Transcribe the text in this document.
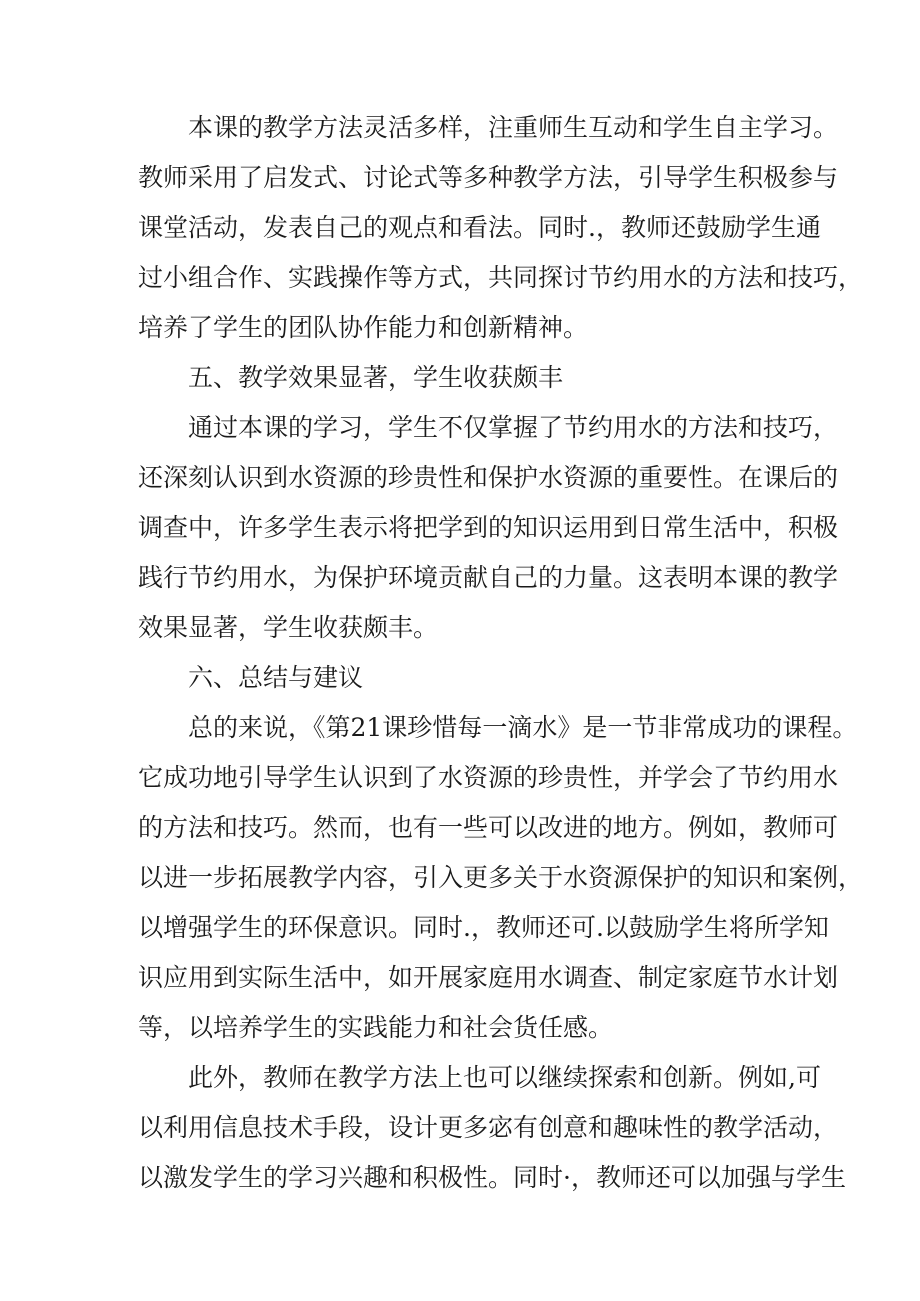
本课的教学方法灵活多样，注重师生互动和学生自主学习。
教师采用了启发式、讨论式等多种教学方法，引导学生积极参与
课堂活动，发表自己的观点和看法。同时.，教师还鼓励学生通
过小组合作、实践操作等方式，共同探讨节约用水的方法和技巧，
培养了学生的团队协作能力和创新精神。
五、教学效果显著，学生收获颇丰
通过本课的学习，学生不仅掌握了节约用水的方法和技巧，
还深刻认识到水资源的珍贵性和保护水资源的重要性。在课后的
调查中，许多学生表示将把学到的知识运用到日常生活中，积极
践行节约用水，为保护环境贡献自己的力量。这表明本课的教学
效果显著，学生收获颇丰。
六、总结与建议
总的来说，《第21课珍惜每一滴水》是一节非常成功的课程。
它成功地引导学生认识到了水资源的珍贵性，并学会了节约用水
的方法和技巧。然而，也有一些可以改进的地方。例如，教师可
以进一步拓展教学内容，引入更多关于水资源保护的知识和案例，
以增强学生的环保意识。同时.，教师还可.以鼓励学生将所学知
识应用到实际生活中，如开展家庭用水调查、制定家庭节水计划
等，以培养学生的实践能力和社会货任感。
此外，教师在教学方法上也可以继续探索和创新。例如,可
以利用信息技术手段，设计更多宓有创意和趣味性的教学活动，
以激发学生的学习兴趣和积极性。同时·，教师还可以加强与学生
